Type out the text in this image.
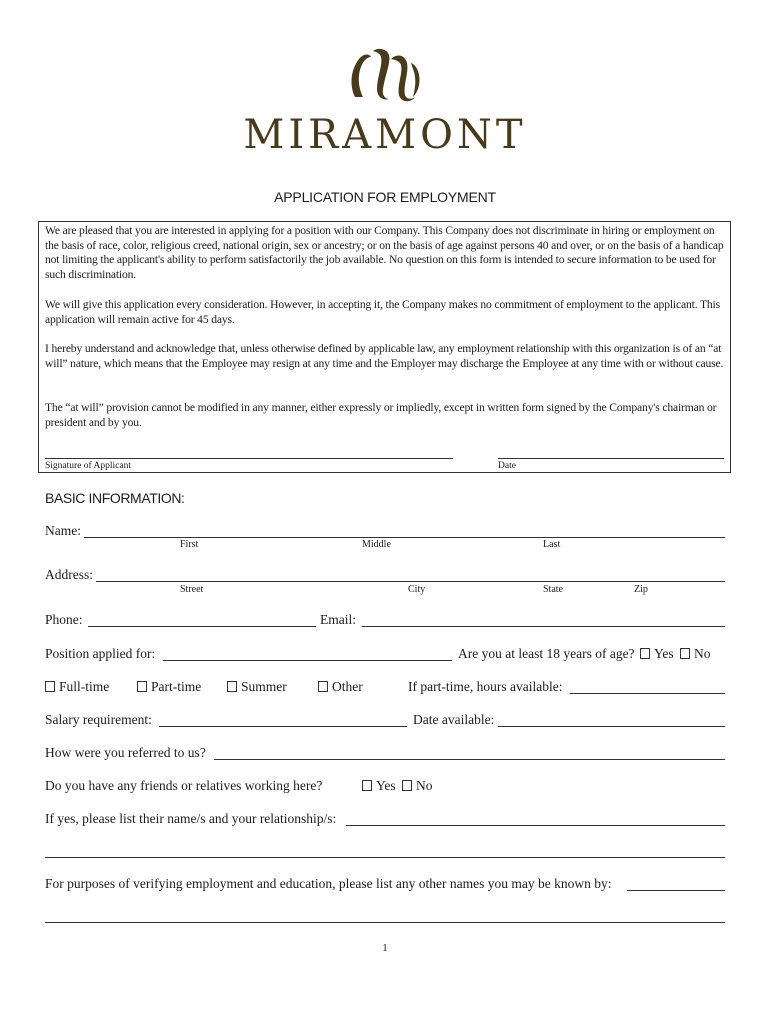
MIRAMONT
APPLICATION FOR EMPLOYMENT
We are pleased that you are interested in applying for a position with our Company. This Company does not discriminate in hiring or employment on the basis of race, color, religious creed, national origin, sex or ancestry; or on the basis of age against persons 40 and over, or on the basis of a handicap not limiting the applicant's ability to perform satisfactorily the job available. No question on this form is intended to secure information to be used for such discrimination.
We will give this application every consideration. However, in accepting it, the Company makes no commitment of employment to the applicant. This application will remain active for 45 days.
I hereby understand and acknowledge that, unless otherwise defined by applicable law, any employment relationship with this organization is of an “at will” nature, which means that the Employee may resign at any time and the Employer may discharge the Employee at any time with or without cause.
The “at will” provision cannot be modified in any manner, either expressly or impliedly, except in written form signed by the Company's chairman or president and by you.
Signature of Applicant	Date
BASIC INFORMATION:
Name:
First	Middle	Last
Address:
Street	City	State	Zip
Phone:	Email:
Position applied for:	Are you at least 18 years of age?	Yes	No
Full-time	Part-time	Summer	Other	If part-time, hours available:
Salary requirement:	Date available:
How were you referred to us?
Do you have any friends or relatives working here?	Yes	No
If yes, please list their name/s and your relationship/s:
For purposes of verifying employment and education, please list any other names you may be known by:
1
